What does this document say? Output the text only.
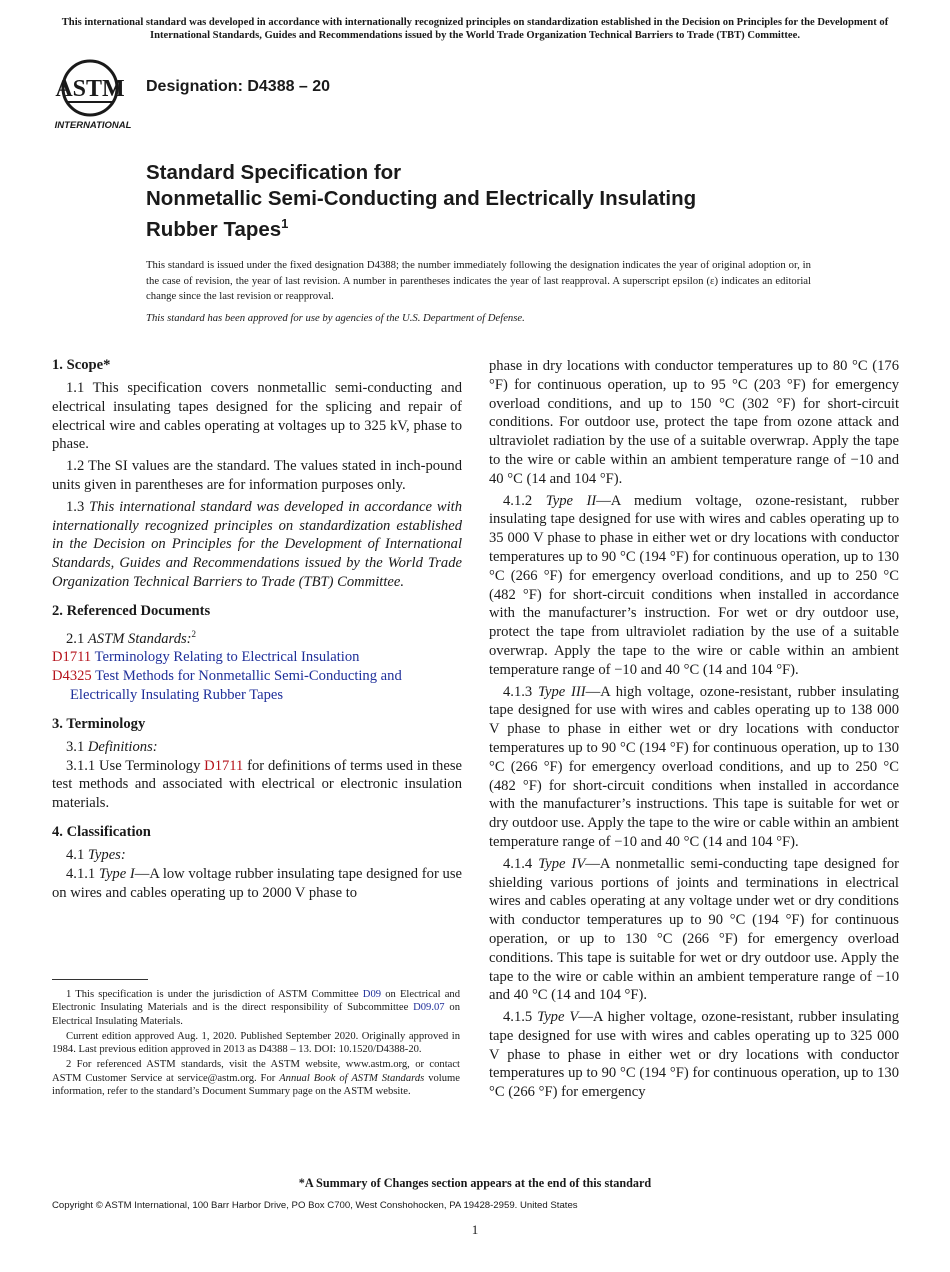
This international standard was developed in accordance with internationally recognized principles on standardization established in the Decision on Principles for the Development of International Standards, Guides and Recommendations issued by the World Trade Organization Technical Barriers to Trade (TBT) Committee.
ASTM
INTERNATIONAL
Designation: D4388 – 20
Standard Specification for
Nonmetallic Semi-Conducting and Electrically Insulating
Rubber Tapes$^1$
This standard is issued under the fixed designation D4388; the number immediately following the designation indicates the year of original adoption or, in the case of revision, the year of last revision. A number in parentheses indicates the year of last reapproval. A superscript epsilon (ε) indicates an editorial change since the last revision or reapproval.
This standard has been approved for use by agencies of the U.S. Department of Defense.
1. Scope*

1.1 This specification covers nonmetallic semi-conducting and electrical insulating tapes designed for the splicing and repair of electrical wire and cables operating at voltages up to 325 kV, phase to phase.

1.2 The SI values are the standard. The values stated in inch-pound units given in parentheses are for information purposes only.

1.3 This international standard was developed in accordance with internationally recognized principles on standardization established in the Decision on Principles for the Development of International Standards, Guides and Recommendations issued by the World Trade Organization Technical Barriers to Trade (TBT) Committee.

2. Referenced Documents

2.1 ASTM Standards:$^2$

D1711 Terminology Relating to Electrical Insulation

D4325 Test Methods for Nonmetallic Semi-Conducting and Electrically Insulating Rubber Tapes

3. Terminology

3.1 Definitions:

3.1.1 Use Terminology D1711 for definitions of terms used in these test methods and associated with electrical or electronic insulation materials.

4. Classification

4.1 Types:

4.1.1 Type I—A low voltage rubber insulating tape designed for use on wires and cables operating up to 2000 V phase to

1 This specification is under the jurisdiction of ASTM Committee D09 on Electrical and Electronic Insulating Materials and is the direct responsibility of Subcommittee D09.07 on Electrical Insulating Materials.

Current edition approved Aug. 1, 2020. Published September 2020. Originally approved in 1984. Last previous edition approved in 2013 as D4388 – 13. DOI: 10.1520/D4388-20.

2 For referenced ASTM standards, visit the ASTM website, www.astm.org, or contact ASTM Customer Service at service@astm.org. For Annual Book of ASTM Standards volume information, refer to the standard’s Document Summary page on the ASTM website.

phase in dry locations with conductor temperatures up to 80 °C (176 °F) for continuous operation, up to 95 °C (203 °F) for emergency overload conditions, and up to 150 °C (302 °F) for short-circuit conditions. For outdoor use, protect the tape from ozone attack and ultraviolet radiation by the use of a suitable overwrap. Apply the tape to the wire or cable within an ambient temperature range of −10 and 40 °C (14 and 104 °F).

4.1.2 Type II—A medium voltage, ozone-resistant, rubber insulating tape designed for use with wires and cables operating up to 35 000 V phase to phase in either wet or dry locations with conductor temperatures up to 90 °C (194 °F) for continuous operation, up to 130 °C (266 °F) for emergency overload conditions, and up to 250 °C (482 °F) for short-circuit conditions when installed in accordance with the manufacturer’s instruction. For wet or dry outdoor use, protect the tape from ultraviolet radiation by the use of a suitable overwrap. Apply the tape to the wire or cable within an ambient temperature range of −10 and 40 °C (14 and 104 °F).

4.1.3 Type III—A high voltage, ozone-resistant, rubber insulating tape designed for use with wires and cables operating up to 138 000 V phase to phase in either wet or dry locations with conductor temperatures up to 90 °C (194 °F) for continuous operation, up to 130 °C (266 °F) for emergency overload conditions, and up to 250 °C (482 °F) for short-circuit conditions when installed in accordance with the manufacturer’s instructions. This tape is suitable for wet or dry outdoor use. Apply the tape to the wire or cable within an ambient temperature range of −10 and 40 °C (14 and 104 °F).

4.1.4 Type IV—A nonmetallic semi-conducting tape designed for shielding various portions of joints and terminations in electrical wires and cables operating at any voltage under wet or dry conditions with conductor temperatures up to 90 °C (194 °F) for continuous operation, or up to 130 °C (266 °F) for emergency overload conditions. This tape is suitable for wet or dry outdoor use. Apply the tape to the wire or cable within an ambient temperature range of −10 and 40 °C (14 and 104 °F).

4.1.5 Type V—A higher voltage, ozone-resistant, rubber insulating tape designed for use with wires and cables operating up to 325 000 V phase to phase in either wet or dry locations with conductor temperatures up to 90 °C (194 °F) for continuous operation, up to 130 °C (266 °F) for emergency

*A Summary of Changes section appears at the end of this standard
Copyright © ASTM International, 100 Barr Harbor Drive, PO Box C700, West Conshohocken, PA 19428-2959. United States
1
